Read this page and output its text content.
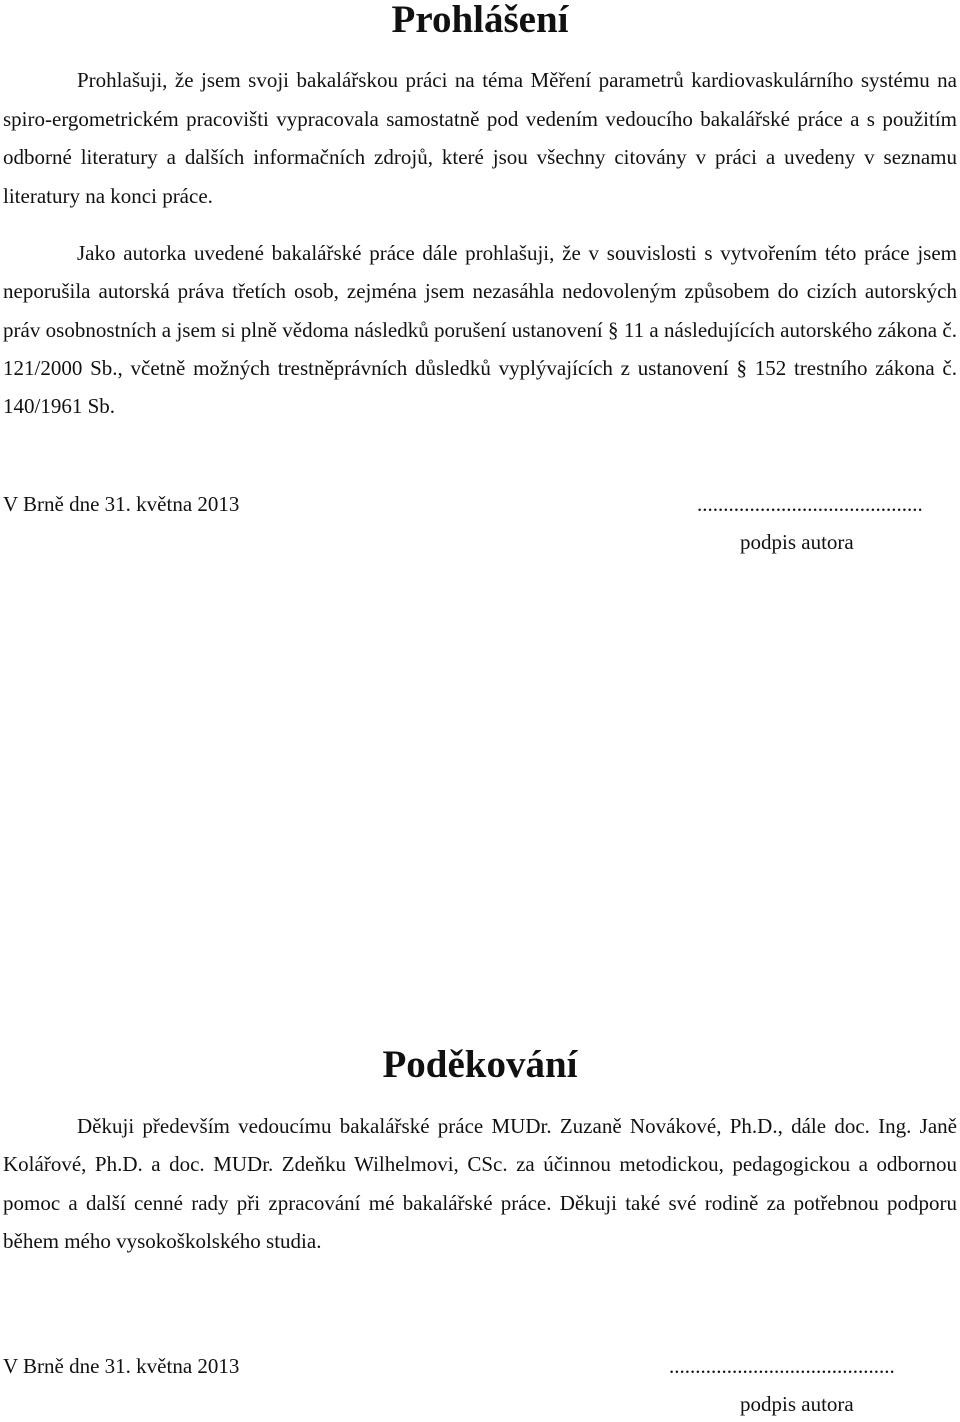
Prohlášení

Prohlašuji, že jsem svoji bakalářskou práci na téma Měření parametrů kardiovaskulárního systému na spiro-ergometrickém pracovišti vypracovala samostatně pod vedením vedoucího bakalářské práce a s použitím odborné literatury a dalších informačních zdrojů, které jsou všechny citovány v práci a uvedeny v seznamu literatury na konci práce.

Jako autorka uvedené bakalářské práce dále prohlašuji, že v souvislosti s vytvořením této práce jsem neporušila autorská práva třetích osob, zejména jsem nezasáhla nedovoleným způsobem do cizích autorských práv osobnostních a jsem si plně vědoma následků porušení ustanovení § 11 a následujících autorského zákona č. 121/2000 Sb., včetně možných trestněprávních důsledků vyplývajících z ustanovení § 152 trestního zákona č. 140/1961 Sb.

V Brně dne 31. května 2013	...........................................
podpis autora
Poděkování

Děkuji především vedoucímu bakalářské práce MUDr. Zuzaně Novákové, Ph.D., dále doc. Ing. Janě Kolářové, Ph.D. a doc. MUDr. Zdeňku Wilhelmovi, CSc. za účinnou metodickou, pedagogickou a odbornou pomoc a další cenné rady při zpracování mé bakalářské práce. Děkuji také své rodině za potřebnou podporu během mého vysokoškolského studia.

V Brně dne 31. května 2013	...........................................
podpis autora
